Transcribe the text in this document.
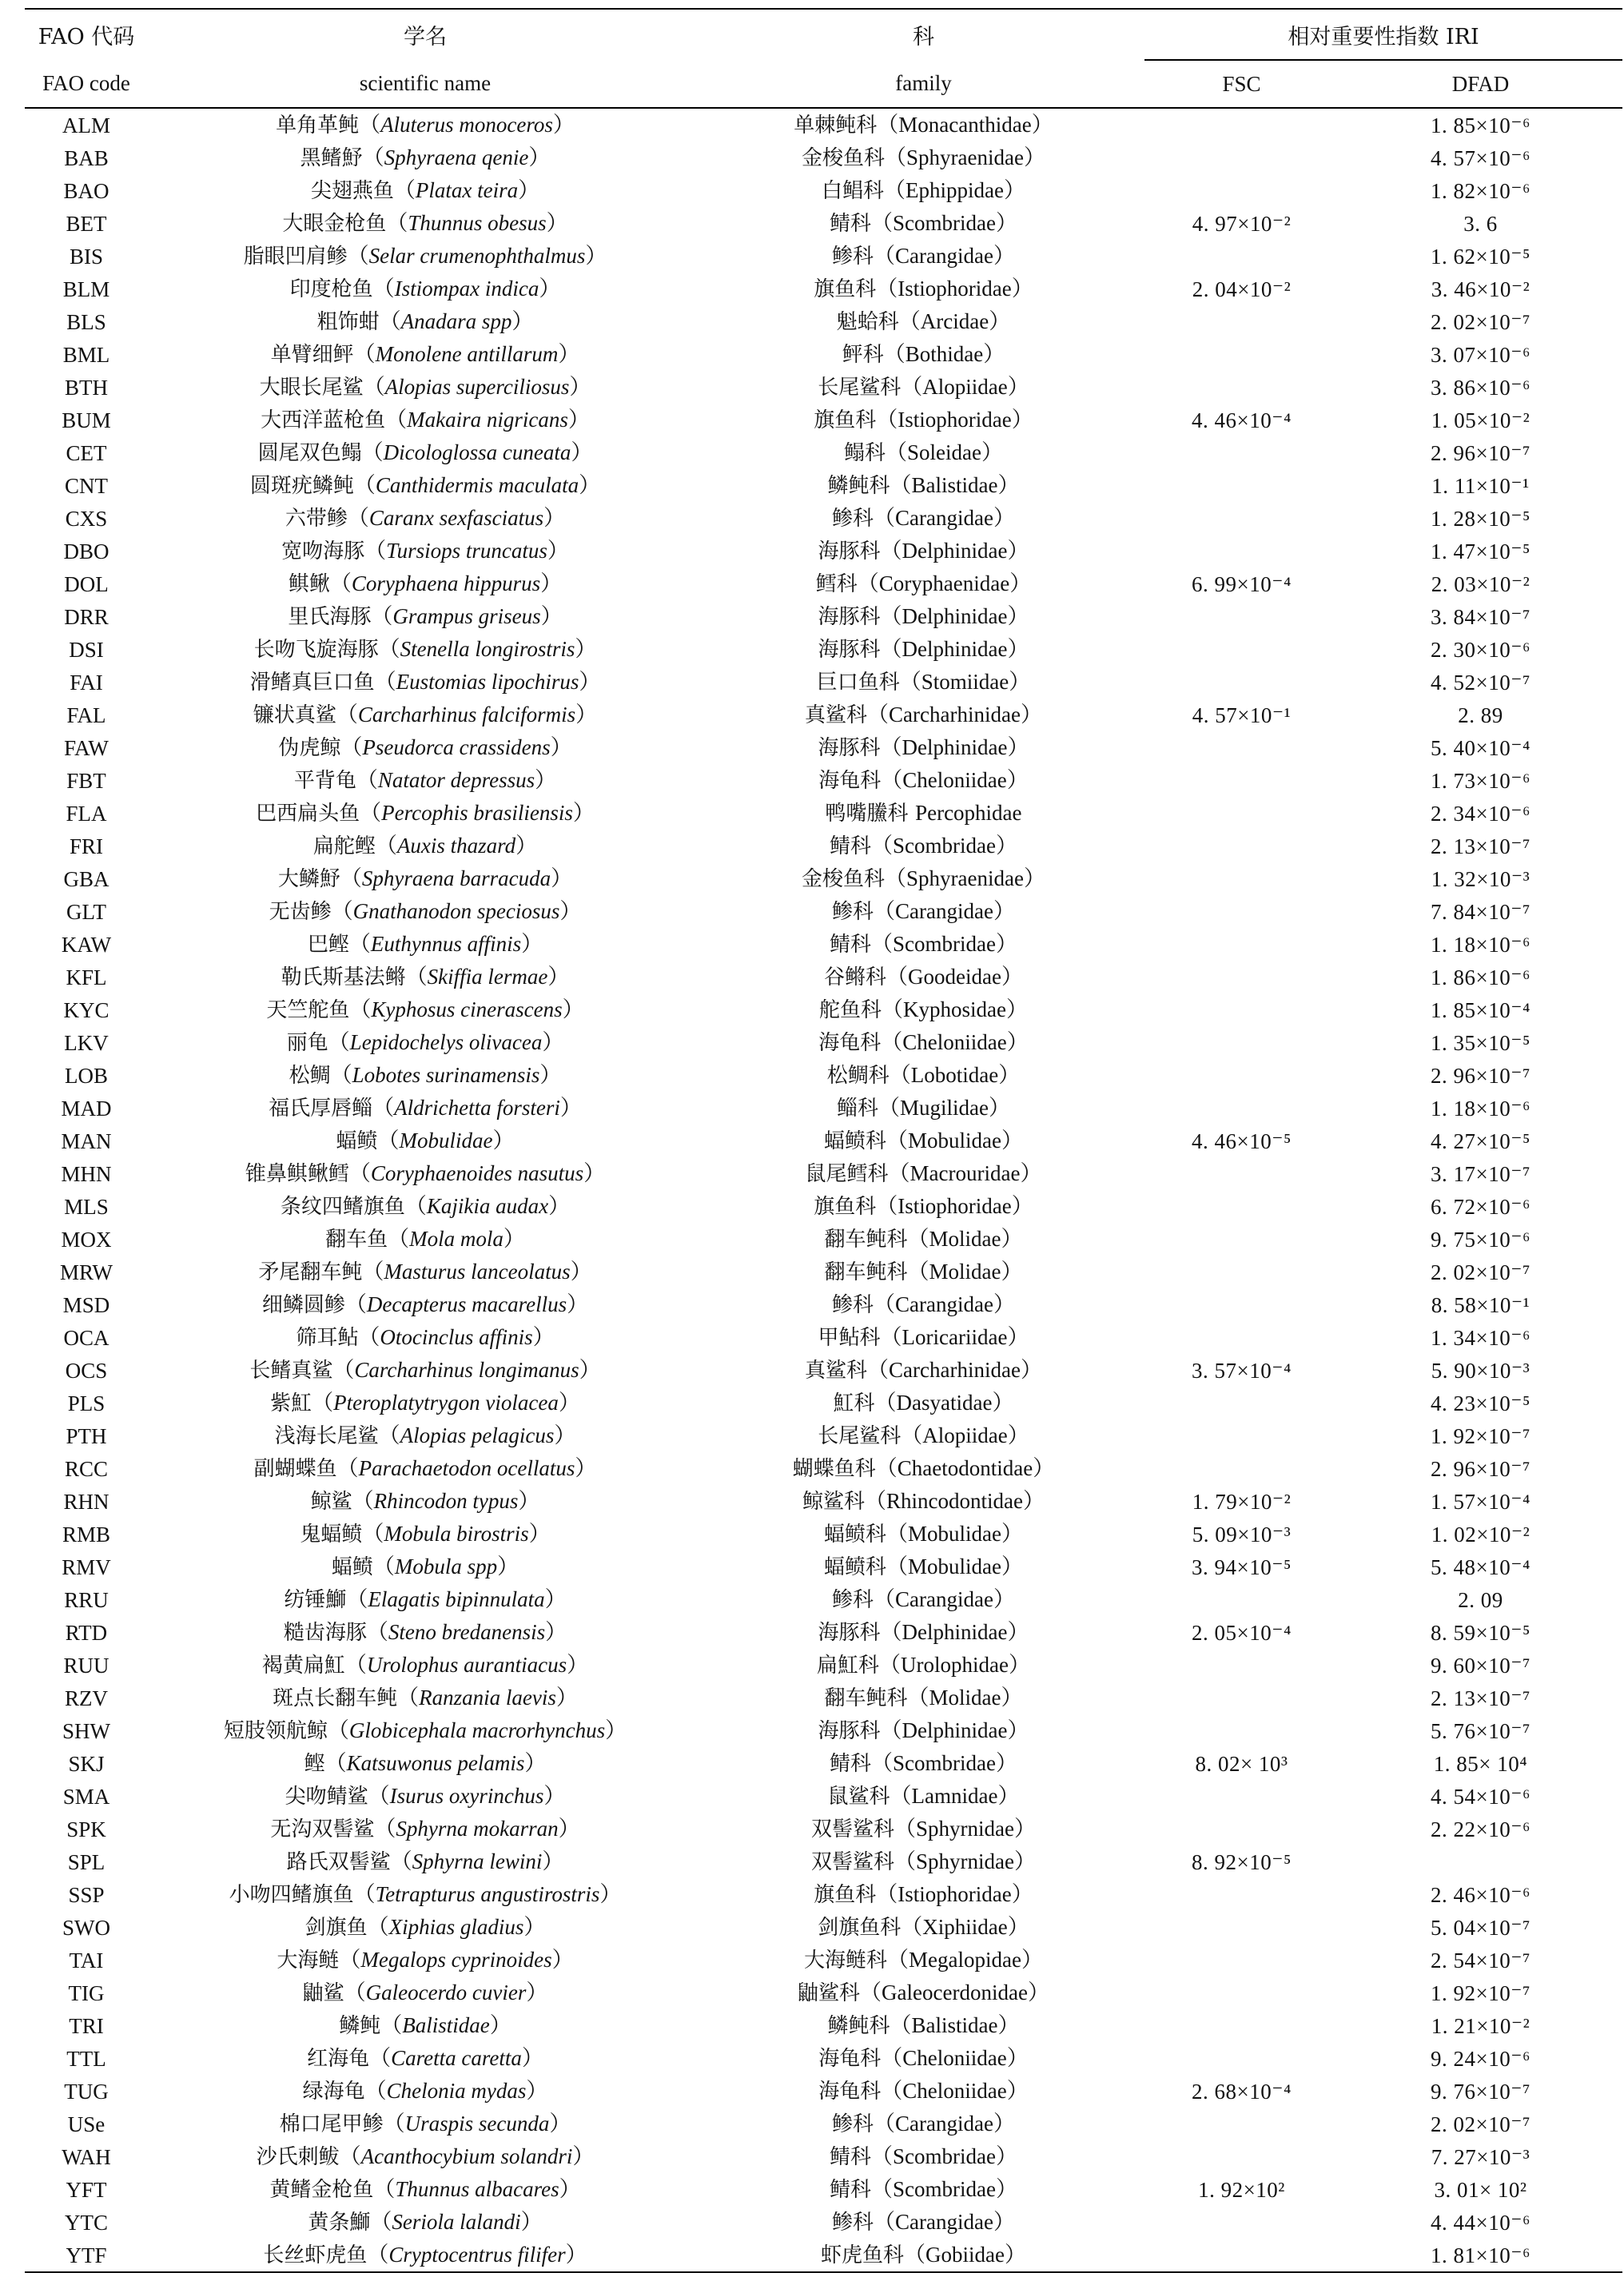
FAO 代码	学名	科	相对重要性指数 IRI	
FAO code	scientific name	family	FSC	DFAD
ALM	单角革鲀（Aluterus monoceros）	单棘鲀科（Monacanthidae）		1. 85×10⁻⁶
BAB	黑鳍魣（Sphyraena qenie）	金梭鱼科（Sphyraenidae）		4. 57×10⁻⁶
BAO	尖翅燕鱼（Platax teira）	白鲳科（Ephippidae）		1. 82×10⁻⁶
BET	大眼金枪鱼（Thunnus obesus）	鲭科（Scombridae）	4. 97×10⁻²	3. 6
BIS	脂眼凹肩鲹（Selar crumenophthalmus）	鲹科（Carangidae）		1. 62×10⁻⁵
BLM	印度枪鱼（Istiompax indica）	旗鱼科（Istiophoridae）	2. 04×10⁻²	3. 46×10⁻²
BLS	粗饰蚶（Anadara spp）	魁蛤科（Arcidae）		2. 02×10⁻⁷
BML	单臂细鲆（Monolene antillarum）	鲆科（Bothidae）		3. 07×10⁻⁶
BTH	大眼长尾鲨（Alopias superciliosus）	长尾鲨科（Alopiidae）		3. 86×10⁻⁶
BUM	大西洋蓝枪鱼（Makaira nigricans）	旗鱼科（Istiophoridae）	4. 46×10⁻⁴	1. 05×10⁻²
CET	圆尾双色鳎（Dicologlossa cuneata）	鳎科（Soleidae）		2. 96×10⁻⁷
CNT	圆斑疣鳞鲀（Canthidermis maculata）	鳞鲀科（Balistidae）		1. 11×10⁻¹
CXS	六带鲹（Caranx sexfasciatus）	鲹科（Carangidae）		1. 28×10⁻⁵
DBO	宽吻海豚（Tursiops truncatus）	海豚科（Delphinidae）		1. 47×10⁻⁵
DOL	鲯鳅（Coryphaena hippurus）	鳕科（Coryphaenidae）	6. 99×10⁻⁴	2. 03×10⁻²
DRR	里氏海豚（Grampus griseus）	海豚科（Delphinidae）		3. 84×10⁻⁷
DSI	长吻飞旋海豚（Stenella longirostris）	海豚科（Delphinidae）		2. 30×10⁻⁶
FAI	滑鳍真巨口鱼（Eustomias lipochirus）	巨口鱼科（Stomiidae）		4. 52×10⁻⁷
FAL	镰状真鲨（Carcharhinus falciformis）	真鲨科（Carcharhinidae）	4. 57×10⁻¹	2. 89
FAW	伪虎鲸（Pseudorca crassidens）	海豚科（Delphinidae）		5. 40×10⁻⁴
FBT	平背龟（Natator depressus）	海龟科（Cheloniidae）		1. 73×10⁻⁶
FLA	巴西扁头鱼（Percophis brasiliensis）	鸭嘴鰧科 Percophidae		2. 34×10⁻⁶
FRI	扁舵鲣（Auxis thazard）	鲭科（Scombridae）		2. 13×10⁻⁷
GBA	大鳞魣（Sphyraena barracuda）	金梭鱼科（Sphyraenidae）		1. 32×10⁻³
GLT	无齿鲹（Gnathanodon speciosus）	鲹科（Carangidae）		7. 84×10⁻⁷
KAW	巴鲣（Euthynnus affinis）	鲭科（Scombridae）		1. 18×10⁻⁶
KFL	勒氏斯基法鳉（Skiffia lermae）	谷鳉科（Goodeidae）		1. 86×10⁻⁶
KYC	天竺舵鱼（Kyphosus cinerascens）	舵鱼科（Kyphosidae）		1. 85×10⁻⁴
LKV	丽龟（Lepidochelys olivacea）	海龟科（Cheloniidae）		1. 35×10⁻⁵
LOB	松鲷（Lobotes surinamensis）	松鲷科（Lobotidae）		2. 96×10⁻⁷
MAD	福氏厚唇鲻（Aldrichetta forsteri）	鲻科（Mugilidae）		1. 18×10⁻⁶
MAN	蝠鲼（Mobulidae）	蝠鲼科（Mobulidae）	4. 46×10⁻⁵	4. 27×10⁻⁵
MHN	锥鼻鲯鳅鳕（Coryphaenoides nasutus）	鼠尾鳕科（Macrouridae）		3. 17×10⁻⁷
MLS	条纹四鳍旗鱼（Kajikia audax）	旗鱼科（Istiophoridae）		6. 72×10⁻⁶
MOX	翻车鱼（Mola mola）	翻车鲀科（Molidae）		9. 75×10⁻⁶
MRW	矛尾翻车鲀（Masturus lanceolatus）	翻车鲀科（Molidae）		2. 02×10⁻⁷
MSD	细鳞圆鲹（Decapterus macarellus）	鲹科（Carangidae）		8. 58×10⁻¹
OCA	筛耳鲇（Otocinclus affinis）	甲鲇科（Loricariidae）		1. 34×10⁻⁶
OCS	长鳍真鲨（Carcharhinus longimanus）	真鲨科（Carcharhinidae）	3. 57×10⁻⁴	5. 90×10⁻³
PLS	紫魟（Pteroplatytrygon violacea）	魟科（Dasyatidae）		4. 23×10⁻⁵
PTH	浅海长尾鲨（Alopias pelagicus）	长尾鲨科（Alopiidae）		1. 92×10⁻⁷
RCC	副蝴蝶鱼（Parachaetodon ocellatus）	蝴蝶鱼科（Chaetodontidae）		2. 96×10⁻⁷
RHN	鲸鲨（Rhincodon typus）	鲸鲨科（Rhincodontidae）	1. 79×10⁻²	1. 57×10⁻⁴
RMB	鬼蝠鲼（Mobula birostris）	蝠鲼科（Mobulidae）	5. 09×10⁻³	1. 02×10⁻²
RMV	蝠鲼（Mobula spp）	蝠鲼科（Mobulidae）	3. 94×10⁻⁵	5. 48×10⁻⁴
RRU	纺锤鰤（Elagatis bipinnulata）	鲹科（Carangidae）		2. 09
RTD	糙齿海豚（Steno bredanensis）	海豚科（Delphinidae）	2. 05×10⁻⁴	8. 59×10⁻⁵
RUU	褐黄扁魟（Urolophus aurantiacus）	扁魟科（Urolophidae）		9. 60×10⁻⁷
RZV	斑点长翻车鲀（Ranzania laevis）	翻车鲀科（Molidae）		2. 13×10⁻⁷
SHW	短肢领航鲸（Globicephala macrorhynchus）	海豚科（Delphinidae）		5. 76×10⁻⁷
SKJ	鲣（Katsuwonus pelamis）	鲭科（Scombridae）	8. 02× 10³	1. 85× 10⁴
SMA	尖吻鲭鲨（Isurus oxyrinchus）	鼠鲨科（Lamnidae）		4. 54×10⁻⁶
SPK	无沟双髻鲨（Sphyrna mokarran）	双髻鲨科（Sphyrnidae）		2. 22×10⁻⁶
SPL	路氏双髻鲨（Sphyrna lewini）	双髻鲨科（Sphyrnidae）	8. 92×10⁻⁵	
SSP	小吻四鳍旗鱼（Tetrapturus angustirostris）	旗鱼科（Istiophoridae）		2. 46×10⁻⁶
SWO	剑旗鱼（Xiphias gladius）	剑旗鱼科（Xiphiidae）		5. 04×10⁻⁷
TAI	大海鲢（Megalops cyprinoides）	大海鲢科（Megalopidae）		2. 54×10⁻⁷
TIG	鼬鲨（Galeocerdo cuvier）	鼬鲨科（Galeocerdonidae）		1. 92×10⁻⁷
TRI	鳞鲀（Balistidae）	鳞鲀科（Balistidae）		1. 21×10⁻²
TTL	红海龟（Caretta caretta）	海龟科（Cheloniidae）		9. 24×10⁻⁶
TUG	绿海龟（Chelonia mydas）	海龟科（Cheloniidae）	2. 68×10⁻⁴	9. 76×10⁻⁷
USe	棉口尾甲鲹（Uraspis secunda）	鲹科（Carangidae）		2. 02×10⁻⁷
WAH	沙氏刺鲅（Acanthocybium solandri）	鲭科（Scombridae）		7. 27×10⁻³
YFT	黄鳍金枪鱼（Thunnus albacares）	鲭科（Scombridae）	1. 92×10²	3. 01× 10²
YTC	黄条鰤（Seriola lalandi）	鲹科（Carangidae）		4. 44×10⁻⁶
YTF	长丝虾虎鱼（Cryptocentrus filifer）	虾虎鱼科（Gobiidae）		1. 81×10⁻⁶
